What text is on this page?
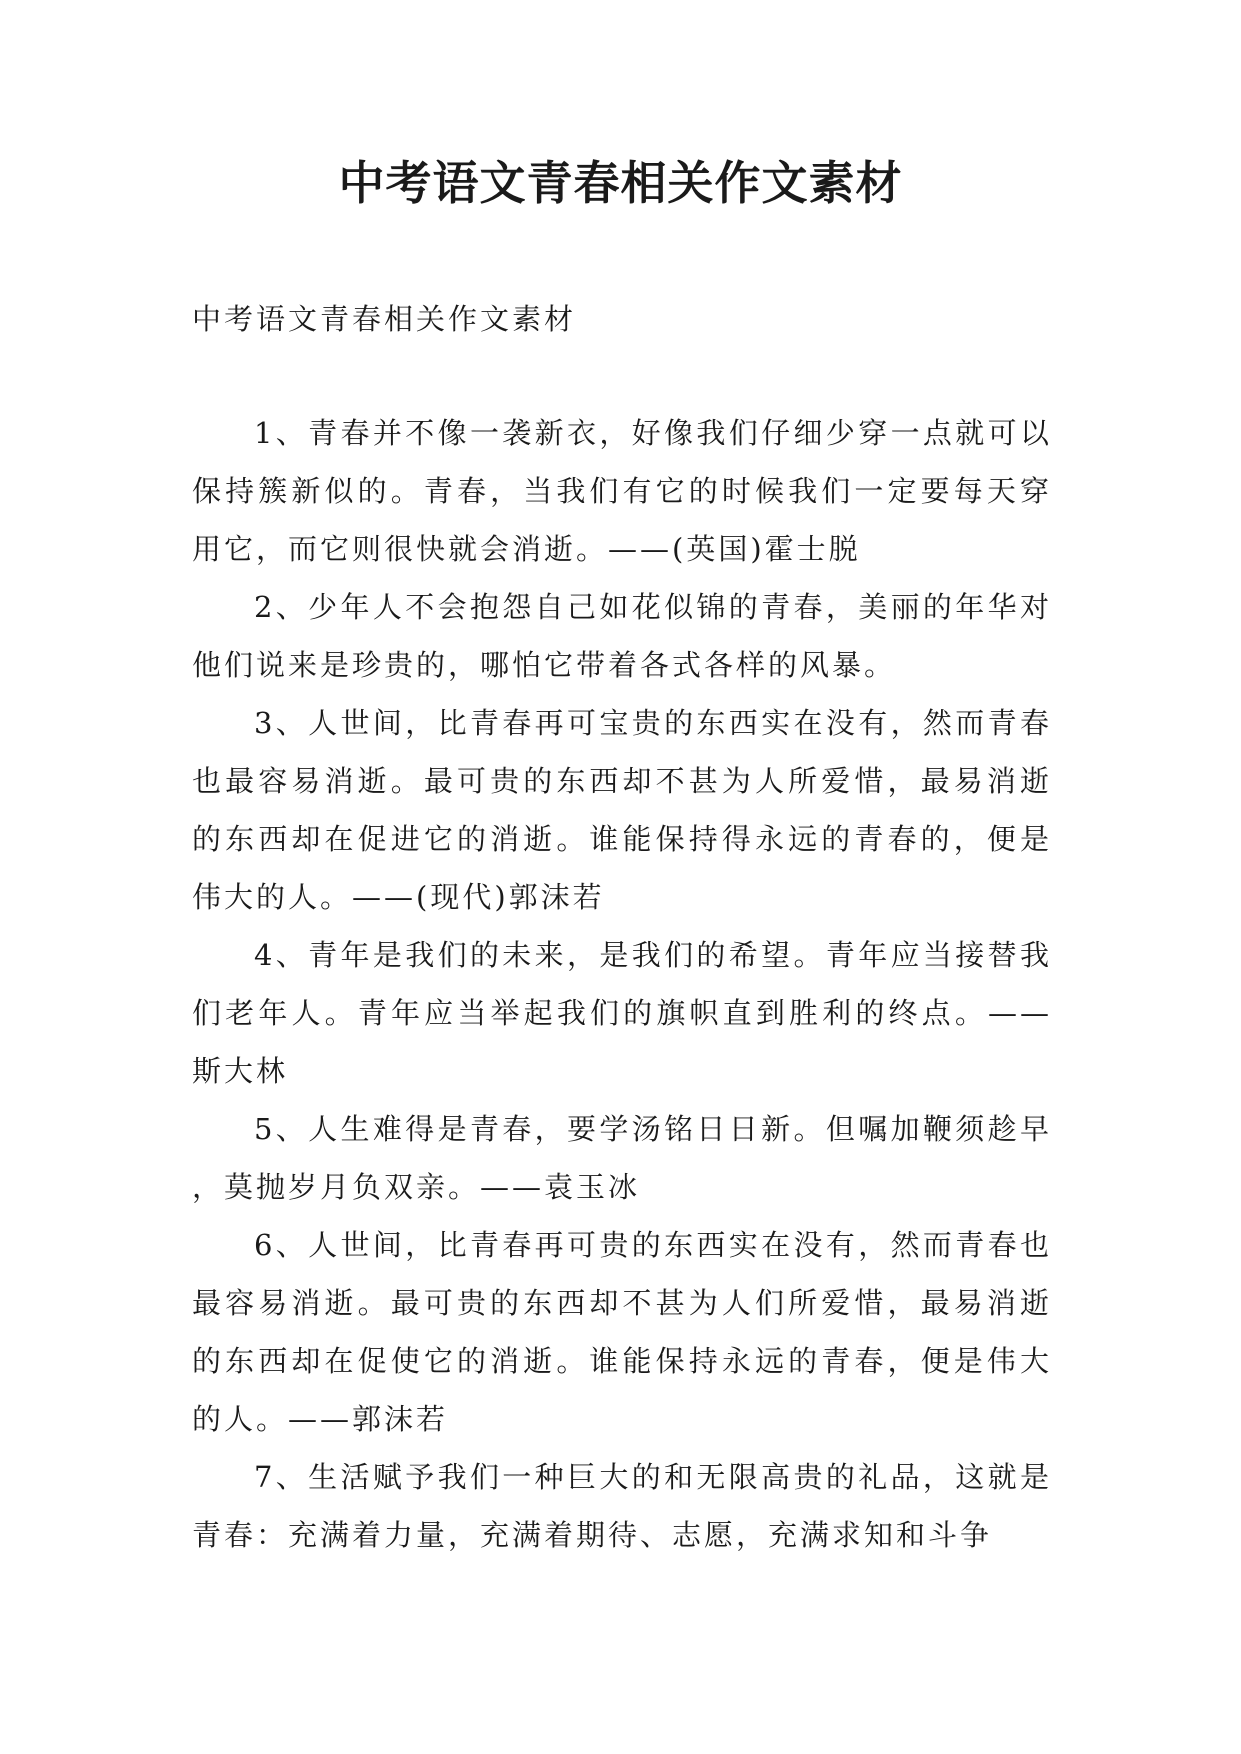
中考语文青春相关作文素材

中考语文青春相关作文素材

1、青春并不像一袭新衣，好像我们仔细少穿一点就可以保持簇新似的。青春，当我们有它的时候我们一定要每天穿用它，而它则很快就会消逝。——(英国)霍士脱

2、少年人不会抱怨自己如花似锦的青春，美丽的年华对他们说来是珍贵的，哪怕它带着各式各样的风暴。

3、人世间，比青春再可宝贵的东西实在没有，然而青春也最容易消逝。最可贵的东西却不甚为人所爱惜，最易消逝的东西却在促进它的消逝。谁能保持得永远的青春的，便是伟大的人。——(现代)郭沫若

4、青年是我们的未来，是我们的希望。青年应当接替我们老年人。青年应当举起我们的旗帜直到胜利的终点。——斯大林

5、人生难得是青春，要学汤铭日日新。但嘱加鞭须趁早，莫抛岁月负双亲。——袁玉冰

6、人世间，比青春再可贵的东西实在没有，然而青春也最容易消逝。最可贵的东西却不甚为人们所爱惜，最易消逝的东西却在促使它的消逝。谁能保持永远的青春，便是伟大的人。——郭沫若

7、生活赋予我们一种巨大的和无限高贵的礼品，这就是青春：充满着力量，充满着期待、志愿，充满求知和斗争
